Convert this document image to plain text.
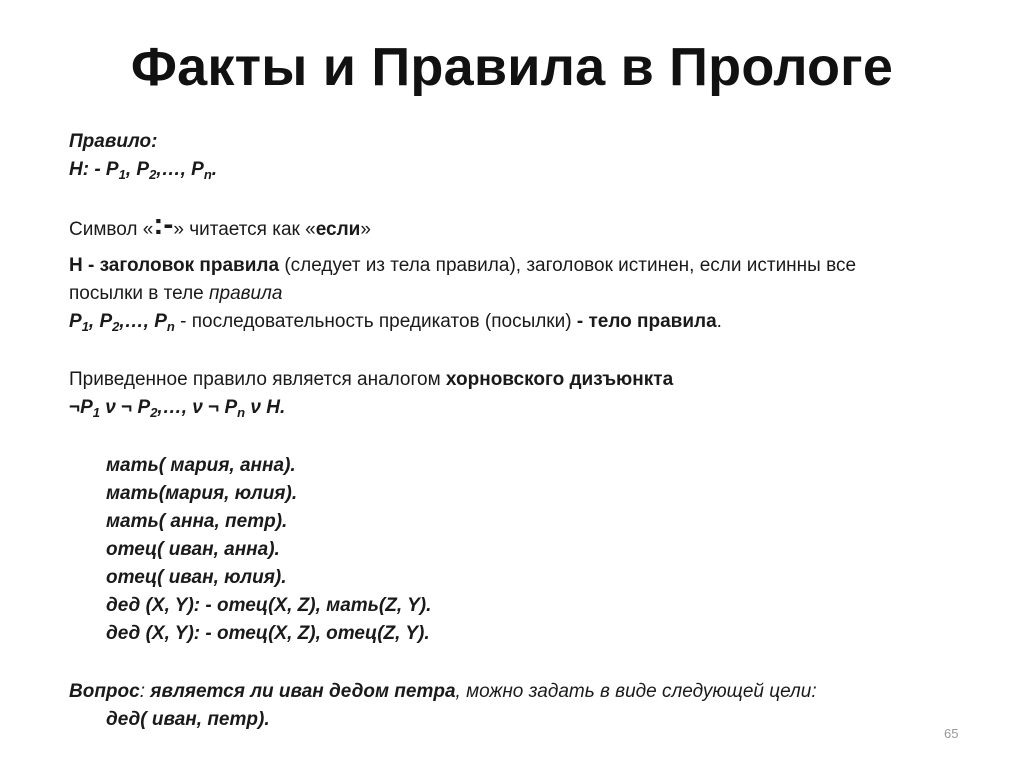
Факты и Правила в Прологе
Правило:
H: - $P_1$, $P_2,\dots$, $P_n$.
Символ «:-» читается как «если»
H - заголовок правила (следует из тела правила), заголовок истинен, если истинны все
посылки в теле правила
$P_1$, $P_2,\dots$, $P_n$ - последовательность предикатов (посылки) - тело правила.
Приведенное правило является аналогом хорновского дизъюнкта
$\neg P_1$ ν ¬ $P_2,\dots$, ν ¬ $P_n$ ν H.
мать( мария, анна).
мать(мария, юлия).
мать( анна, петр).
отец( иван, анна).
отец( иван, юлия).
дед (X, Y): - отец(X, Z), мать(Z, Y).
дед (X, Y): - отец(X, Z), отец(Z, Y).
Вопрос: является ли иван дедом петра, можно задать в виде следующей цели:
дед( иван, петр).
65
